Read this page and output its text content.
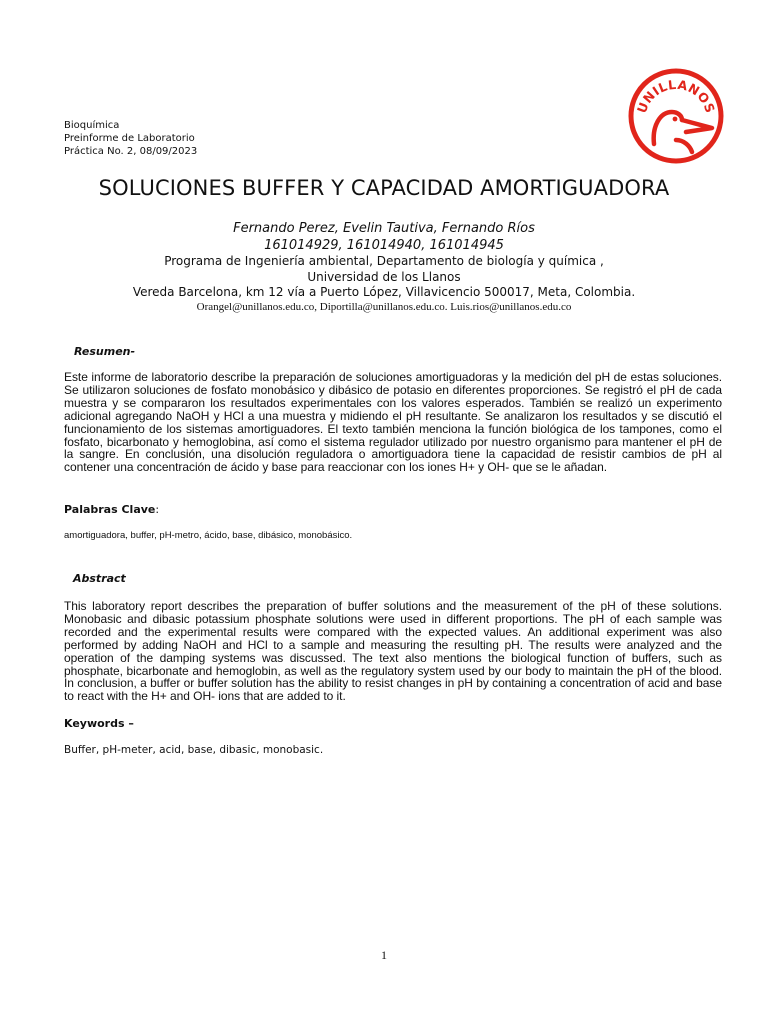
Bioquímica
Preinforme de Laboratorio
Práctica No. 2, 08/09/2023
UNILLANOS
SOLUCIONES BUFFER Y CAPACIDAD AMORTIGUADORA
Fernando Perez, Evelin Tautiva, Fernando Ríos
161014929, 161014940, 161014945
Programa de Ingeniería ambiental, Departamento de biología y química ,
Universidad de los Llanos
Vereda Barcelona, km 12 vía a Puerto López, Villavicencio 500017, Meta, Colombia.
Orangel@unillanos.edu.co, Diportilla@unillanos.edu.co. Luis.rios@unillanos.edu.co
Resumen-
Este informe de laboratorio describe la preparación de soluciones amortiguadoras y la medición del pH de estas soluciones. Se utilizaron soluciones de fosfato monobásico y dibásico de potasio en diferentes proporciones. Se registró el pH de cada muestra y se compararon los resultados experimentales con los valores esperados. También se realizó un experimento adicional agregando NaOH y HCl a una muestra y midiendo el pH resultante. Se analizaron los resultados y se discutió el funcionamiento de los sistemas amortiguadores. El texto también menciona la función biológica de los tampones, como el fosfato, bicarbonato y hemoglobina, así como el sistema regulador utilizado por nuestro organismo para mantener el pH de la sangre. En conclusión, una disolución reguladora o amortiguadora tiene la capacidad de resistir cambios de pH al contener una concentración de ácido y base para reaccionar con los iones H+ y OH- que se le añadan.
Palabras Clave:
amortiguadora, buffer, pH-metro, ácido, base, dibásico, monobásico.
Abstract
This laboratory report describes the preparation of buffer solutions and the measurement of the pH of these solutions. Monobasic and dibasic potassium phosphate solutions were used in different proportions. The pH of each sample was recorded and the experimental results were compared with the expected values. An additional experiment was also performed by adding NaOH and HCl to a sample and measuring the resulting pH. The results were analyzed and the operation of the damping systems was discussed. The text also mentions the biological function of buffers, such as phosphate, bicarbonate and hemoglobin, as well as the regulatory system used by our body to maintain the pH of the blood. In conclusion, a buffer or buffer solution has the ability to resist changes in pH by containing a concentration of acid and base to react with the H+ and OH- ions that are added to it.
Keywords –
Buffer, pH-meter, acid, base, dibasic, monobasic.
1
